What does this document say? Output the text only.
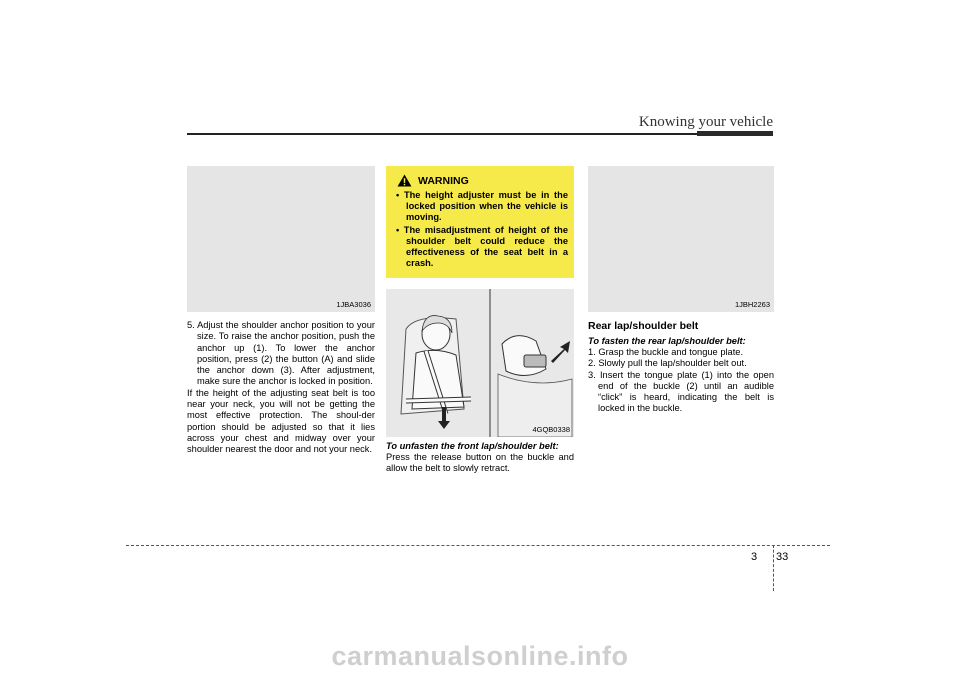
Knowing your vehicle
1JBA3036
5. Adjust the shoulder anchor position to your size. To raise the anchor position, push the anchor up (1). To lower the anchor position, press (2) the button (A) and slide the anchor down (3). After adjustment, make sure the anchor is locked in position.

If the height of the adjusting seat belt is too near your neck, you will not be getting the most effective protection. The shoul-der portion should be adjusted so that it lies across your chest and midway over your shoulder nearest the door and not your neck.

WARNING
• The height adjuster must be in the locked position when the vehicle is moving.
• The misadjustment of height of the shoulder belt could reduce the effectiveness of the seat belt in a crash.
4GQB0338

To unfasten the front lap/shoulder belt:

Press the release button on the buckle and allow the belt to slowly retract.

1JBH2263
Rear lap/shoulder belt

To fasten the rear lap/shoulder belt:

1. Grasp the buckle and tongue plate.
2. Slowly pull the lap/shoulder belt out.
3. Insert the tongue plate (1) into the open end of the buckle (2) until an audible “click” is heard, indicating the belt is locked in the buckle.
3 33
carmanualsonline.info
